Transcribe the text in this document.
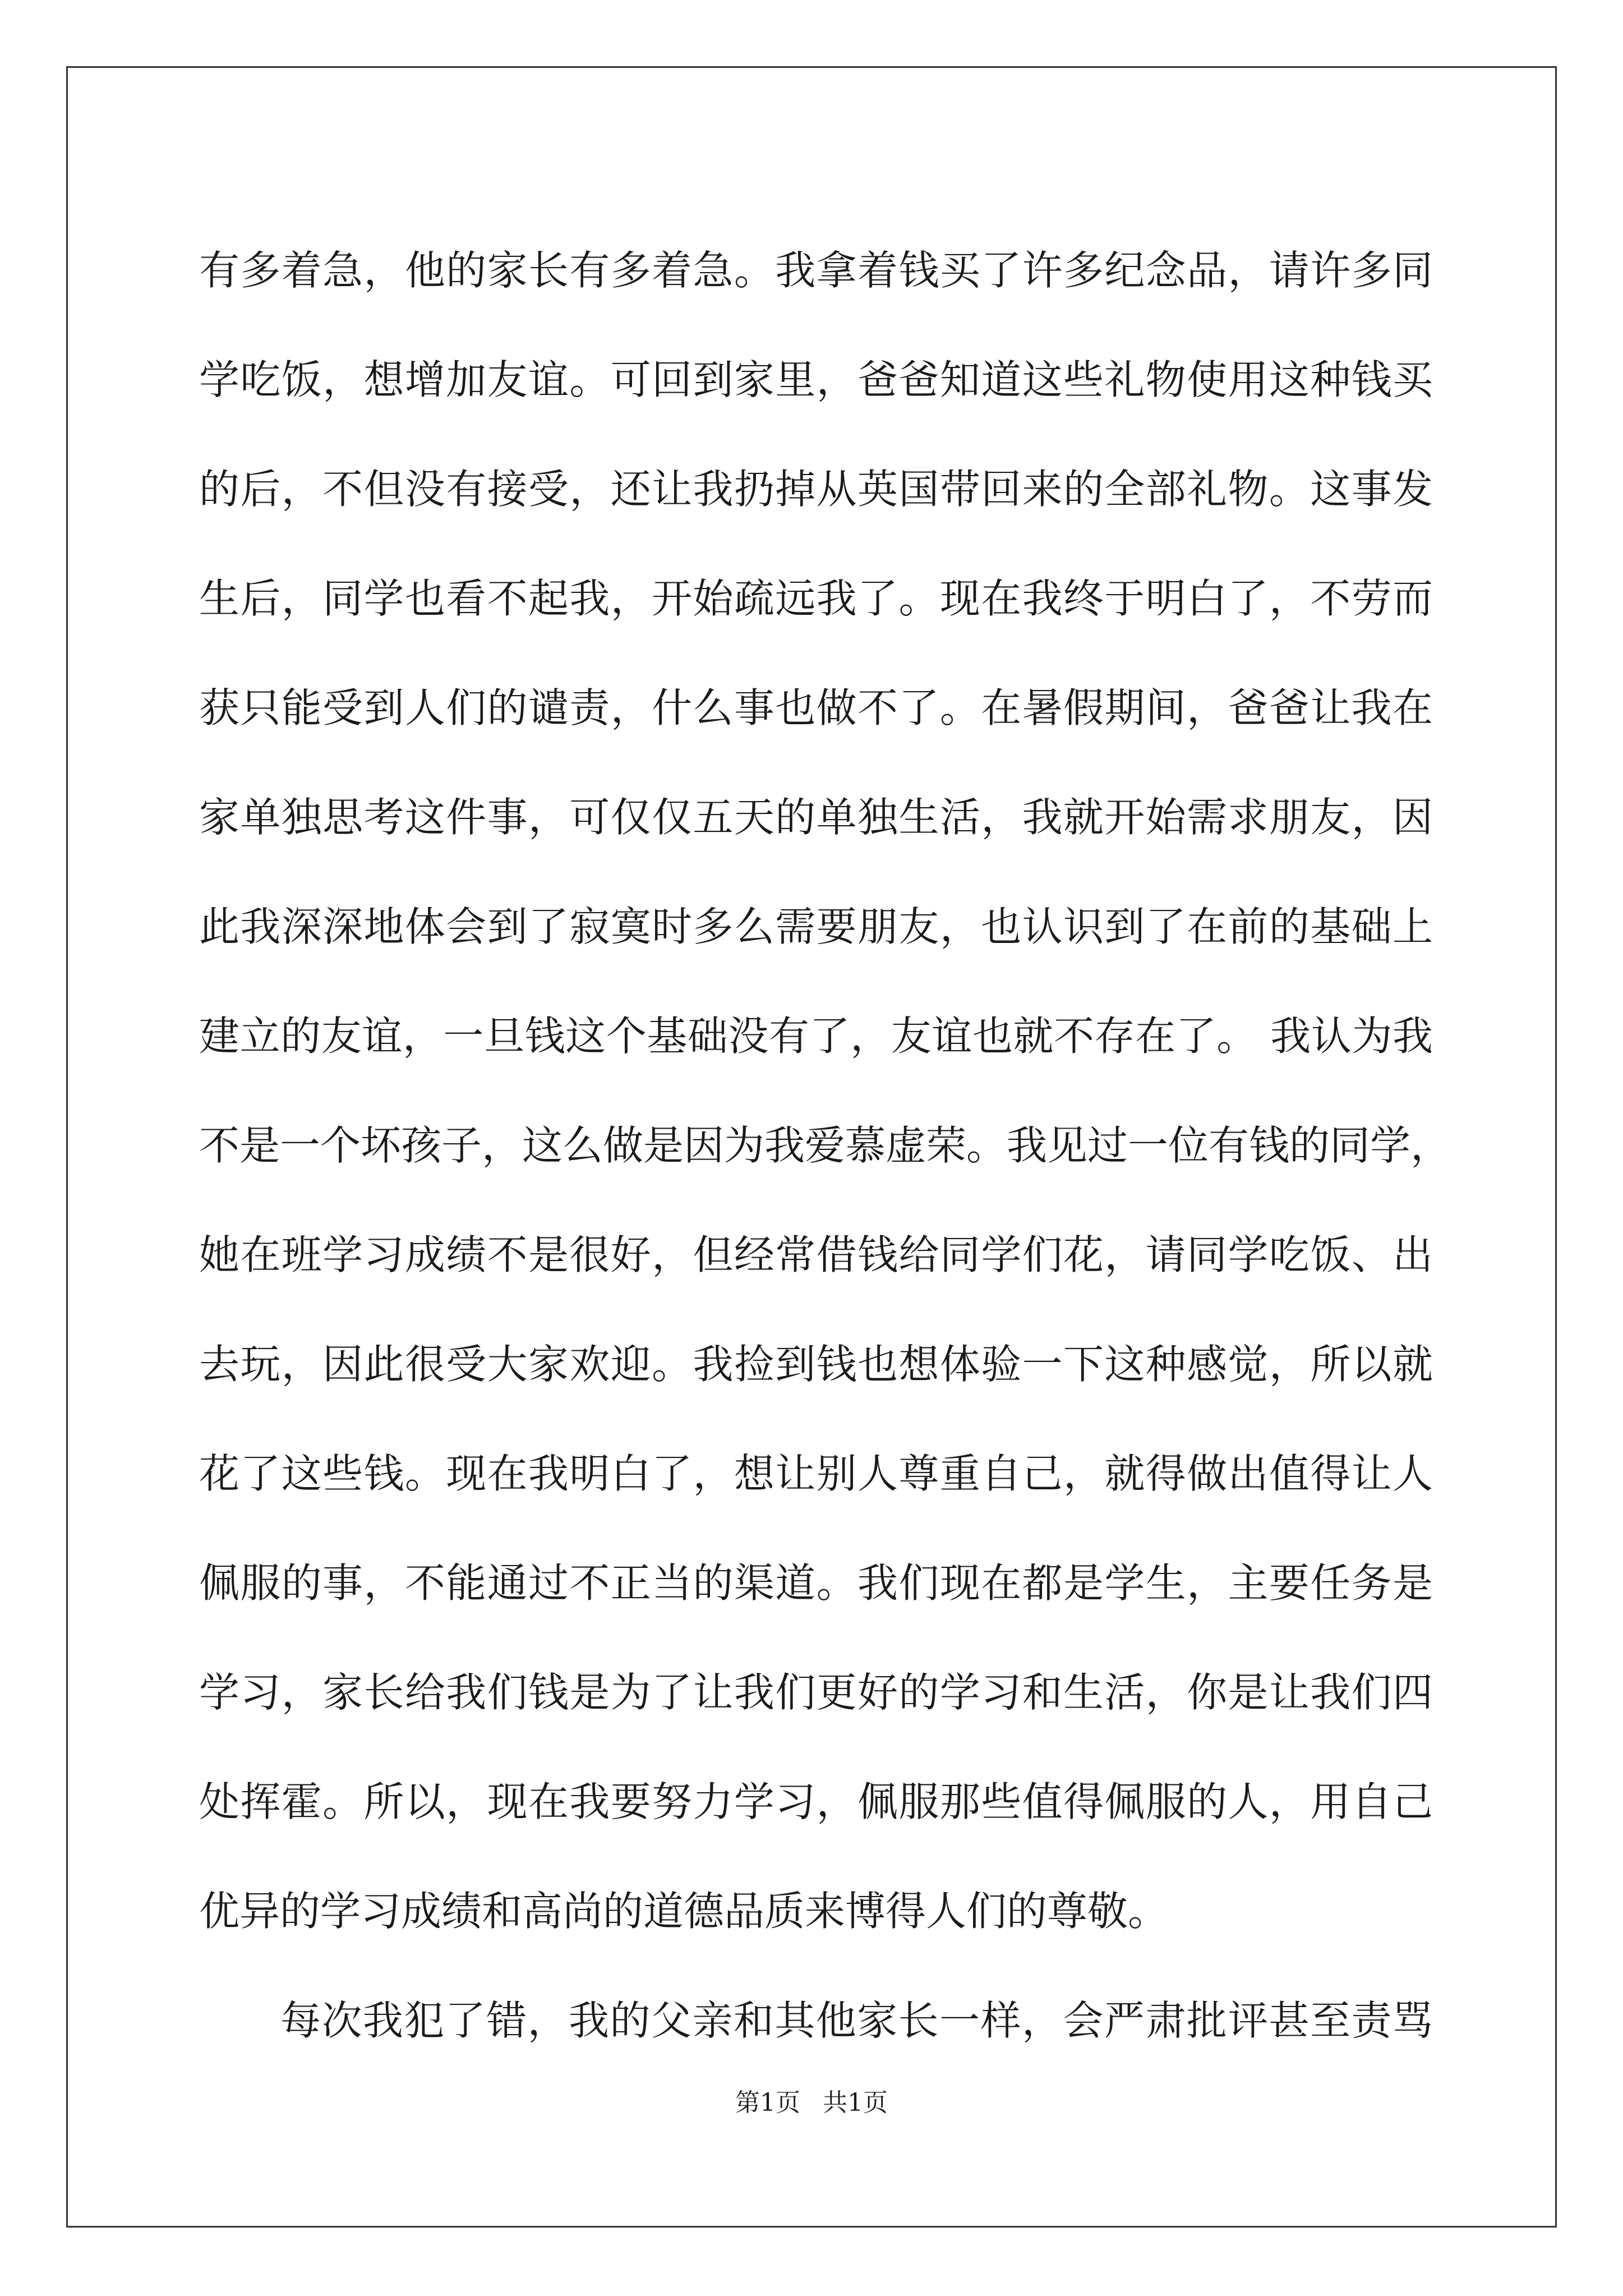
有多着急，他的家长有多着急。我拿着钱买了许多纪念品，请许多同
学吃饭，想增加友谊。可回到家里，爸爸知道这些礼物使用这种钱买
的后，不但没有接受，还让我扔掉从英国带回来的全部礼物。这事发
生后，同学也看不起我，开始疏远我了。现在我终于明白了，不劳而
获只能受到人们的谴责，什么事也做不了。在暑假期间，爸爸让我在
家单独思考这件事，可仅仅五天的单独生活，我就开始需求朋友，因
此我深深地体会到了寂寞时多么需要朋友，也认识到了在前的基础上
建立的友谊，一旦钱这个基础没有了，友谊也就不存在了。 我认为我
不是一个坏孩子，这么做是因为我爱慕虚荣。我见过一位有钱的同学，
她在班学习成绩不是很好，但经常借钱给同学们花，请同学吃饭、出
去玩，因此很受大家欢迎。我捡到钱也想体验一下这种感觉，所以就
花了这些钱。现在我明白了，想让别人尊重自己，就得做出值得让人
佩服的事，不能通过不正当的渠道。我们现在都是学生，主要任务是
学习，家长给我们钱是为了让我们更好的学习和生活，你是让我们四
处挥霍。所以，现在我要努力学习，佩服那些值得佩服的人，用自己
优异的学习成绩和高尚的道德品质来博得人们的尊敬。
每次我犯了错，我的父亲和其他家长一样，会严肃批评甚至责骂
第1页 共1页
